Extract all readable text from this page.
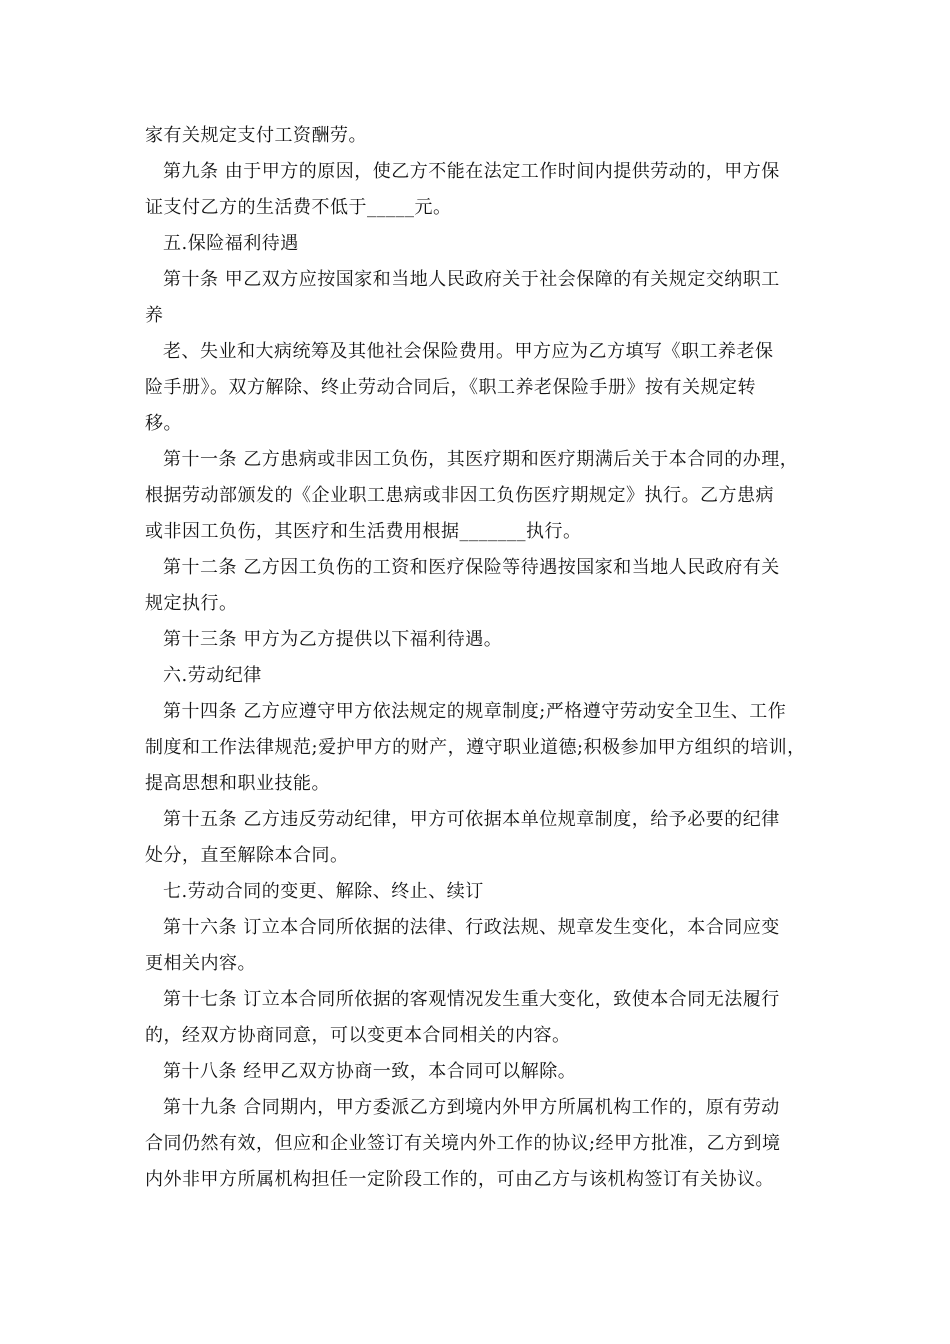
家有关规定支付工资酬劳。
第九条 由于甲方的原因，使乙方不能在法定工作时间内提供劳动的，甲方保
证支付乙方的生活费不低于_____元。
五.保险福利待遇
第十条 甲乙双方应按国家和当地人民政府关于社会保障的有关规定交纳职工
养
老、失业和大病统筹及其他社会保险费用。甲方应为乙方填写《职工养老保
险手册》。双方解除、终止劳动合同后，《职工养老保险手册》按有关规定转
移。
第十一条 乙方患病或非因工负伤，其医疗期和医疗期满后关于本合同的办理，
根据劳动部颁发的《企业职工患病或非因工负伤医疗期规定》执行。乙方患病
或非因工负伤，其医疗和生活费用根据_______执行。
第十二条 乙方因工负伤的工资和医疗保险等待遇按国家和当地人民政府有关
规定执行。
第十三条 甲方为乙方提供以下福利待遇。
六.劳动纪律
第十四条 乙方应遵守甲方依法规定的规章制度;严格遵守劳动安全卫生、工作
制度和工作法律规范;爱护甲方的财产，遵守职业道德;积极参加甲方组织的培训，
提高思想和职业技能。
第十五条 乙方违反劳动纪律，甲方可依据本单位规章制度，给予必要的纪律
处分，直至解除本合同。
七.劳动合同的变更、解除、终止、续订
第十六条 订立本合同所依据的法律、行政法规、规章发生变化，本合同应变
更相关内容。
第十七条 订立本合同所依据的客观情况发生重大变化，致使本合同无法履行
的，经双方协商同意，可以变更本合同相关的内容。
第十八条 经甲乙双方协商一致，本合同可以解除。
第十九条 合同期内，甲方委派乙方到境内外甲方所属机构工作的，原有劳动
合同仍然有效，但应和企业签订有关境内外工作的协议;经甲方批准，乙方到境
内外非甲方所属机构担任一定阶段工作的，可由乙方与该机构签订有关协议。
